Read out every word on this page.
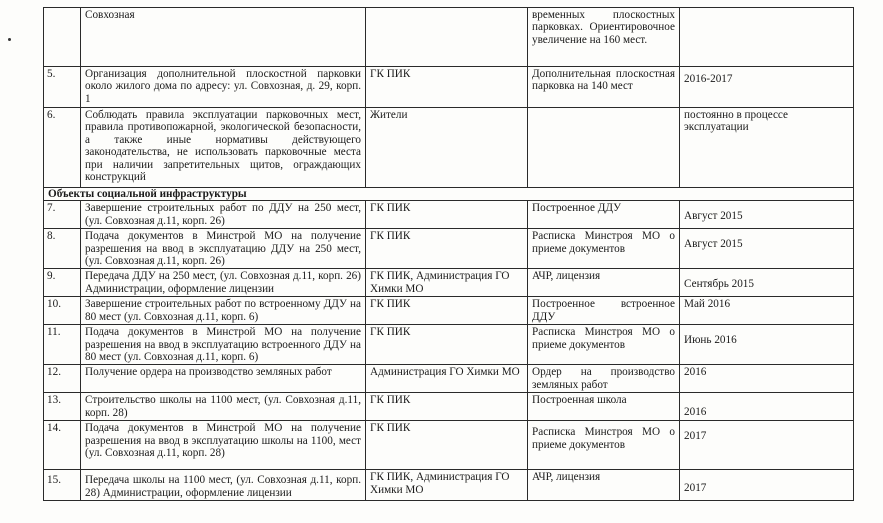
	Совхозная		временных плоскостных парковках. Ориентировочное увеличение на 160 мест.	
5.	Организация дополнительной плоскостной парковки около жилого дома по адресу: ул. Совхозная, д. 29, корп. 1	ГК ПИК	Дополнительная плоскостная парковка на 140 мест	2016-2017

6.	Соблюдать правила эксплуатации парковочных мест, правила противопожарной, экологической безопасности, а также иные нормативы действующего законодательства, не использовать парковочные места при наличии запретительных щитов, ограждающих конструкций	Жители		постоянно в процессе эксплуатации
Объекты социальной инфраструктуры				
7.	Завершение строительных работ по ДДУ на 250 мест, (ул. Совхозная д.11, корп. 26)	ГК ПИК	Построенное ДДУ	Август 2015

8.	Подача документов в Минстрой МО на получение разрешения на ввод в эксплуатацию ДДУ на 250 мест, (ул. Совхозная д.11, корп. 26)	ГК ПИК	Расписка Минстроя МО о приеме документов	Август 2015

9.	Передача ДДУ на 250 мест, (ул. Совхозная д.11, корп. 26) Администрации, оформление лицензии	ГК ПИК, Администрация ГО Химки МО	АЧР, лицензия	Сентябрь 2015

10.	Завершение строительных работ по встроенному ДДУ на 80 мест (ул. Совхозная д.11, корп. 6)	ГК ПИК	Построенное встроенное ДДУ	Май 2016
11.	Подача документов в Минстрой МО на получение разрешения на ввод в эксплуатацию встроенного ДДУ на 80 мест (ул. Совхозная д.11, корп. 6)	ГК ПИК	Расписка Минстроя МО о приеме документов	Июнь 2016

12.	Получение ордера на производство земляных работ	Администрация ГО Химки МО	Ордер на производство земляных работ	2016
13.	Строительство школы на 1100 мест, (ул. Совхозная д.11, корп. 28)	ГК ПИК	Построенная школа	2016

14.	Подача документов в Минстрой МО на получение разрешения на ввод в эксплуатацию школы на 1100, мест (ул. Совхозная д.11, корп. 28)	ГК ПИК	Расписка Минстроя МО о приеме документов	2017

15.	Передача школы на 1100 мест, (ул. Совхозная д.11, корп. 28) Администрации, оформление лицензии	ГК ПИК, Администрация ГО Химки МО	АЧР, лицензия	2017
